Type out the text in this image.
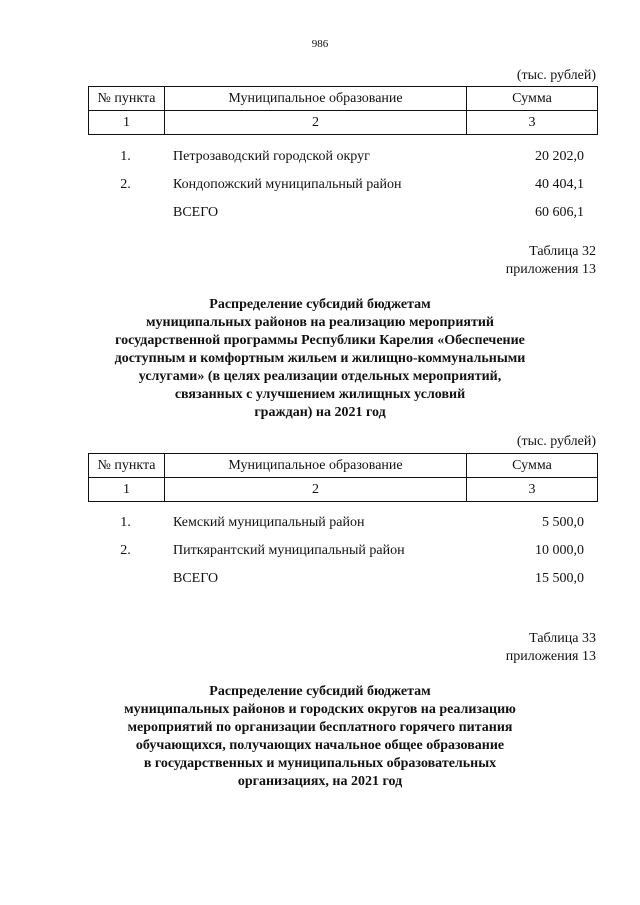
986
(тыс. рублей)
№ пункта	Муниципальное образование	Сумма
1	2	3
1.	Петрозаводский городской округ	20 202,0
2.	Кондопожский муниципальный район	40 404,1
	ВСЕГО	60 606,1
Таблица 32
приложения 13
Распределение субсидий бюджетам
муниципальных районов на реализацию мероприятий
государственной программы Республики Карелия «Обеспечение
доступным и комфортным жильем и жилищно-коммунальными
услугами» (в целях реализации отдельных мероприятий,
связанных с улучшением жилищных условий
граждан) на 2021 год
(тыс. рублей)
№ пункта	Муниципальное образование	Сумма
1	2	3
1.	Кемский муниципальный район	5 500,0
2.	Питкярантский муниципальный район	10 000,0
	ВСЕГО	15 500,0
Таблица 33
приложения 13
Распределение субсидий бюджетам
муниципальных районов и городских округов на реализацию
мероприятий по организации бесплатного горячего питания
обучающихся, получающих начальное общее образование
в государственных и муниципальных образовательных
организациях, на 2021 год
